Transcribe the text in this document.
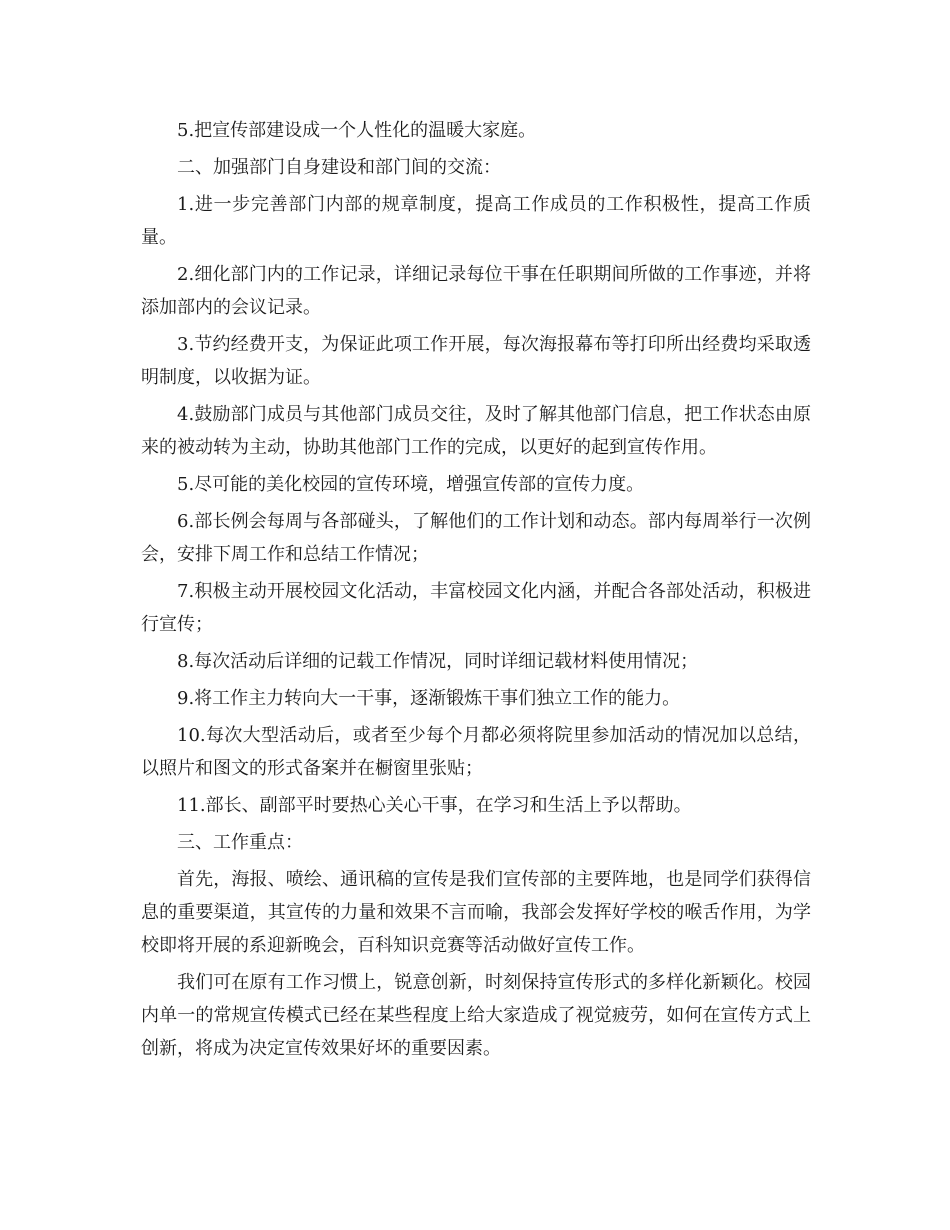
5.把宣传部建设成一个人性化的温暖大家庭。

二、加强部门自身建设和部门间的交流：

1.进一步完善部门内部的规章制度，提高工作成员的工作积极性，提高工作质量。

2.细化部门内的工作记录，详细记录每位干事在任职期间所做的工作事迹，并将添加部内的会议记录。

3.节约经费开支，为保证此项工作开展，每次海报幕布等打印所出经费均采取透明制度，以收据为证。

4.鼓励部门成员与其他部门成员交往，及时了解其他部门信息，把工作状态由原来的被动转为主动，协助其他部门工作的完成，以更好的起到宣传作用。

5.尽可能的美化校园的宣传环境，增强宣传部的宣传力度。

6.部长例会每周与各部碰头，了解他们的工作计划和动态。部内每周举行一次例会，安排下周工作和总结工作情况；

7.积极主动开展校园文化活动，丰富校园文化内涵，并配合各部处活动，积极进行宣传；

8.每次活动后详细的记载工作情况，同时详细记载材料使用情况；

9.将工作主力转向大一干事，逐渐锻炼干事们独立工作的能力。

10.每次大型活动后，或者至少每个月都必须将院里参加活动的情况加以总结，以照片和图文的形式备案并在橱窗里张贴；

11.部长、副部平时要热心关心干事，在学习和生活上予以帮助。

三、工作重点：

首先，海报、喷绘、通讯稿的宣传是我们宣传部的主要阵地，也是同学们获得信息的重要渠道，其宣传的力量和效果不言而喻，我部会发挥好学校的喉舌作用，为学校即将开展的系迎新晚会，百科知识竞赛等活动做好宣传工作。

我们可在原有工作习惯上，锐意创新，时刻保持宣传形式的多样化新颖化。校园内单一的常规宣传模式已经在某些程度上给大家造成了视觉疲劳，如何在宣传方式上创新，将成为决定宣传效果好坏的重要因素。
